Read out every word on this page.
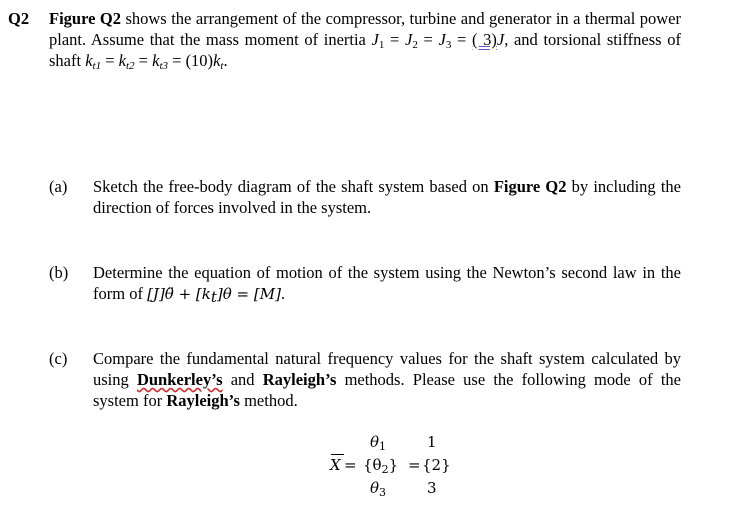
Q2 Figure Q2 shows the arrangement of the compressor, turbine and generator in a thermal power plant. Assume that the mass moment of inertia $J_1 = J_2 = J_3$ = ( 3)J, and torsional stiffness of shaft $k_{t1} = k_{t2} = k_{t3} = (10)k_t$.
(a) Sketch the free-body diagram of the shaft system based on Figure Q2 by including the direction of forces involved in the system.
(b) Determine the equation of motion of the system using the Newton’s second law in the form of [J]θ̈ + $[k_t]\theta = [M]$.
(c) Compare the fundamental natural frequency values for the shaft system calculated by using Dunkerley’s and Rayleigh’s methods. Please use the following mode of the system for Rayleigh’s method.
$\theta_1$	1
$X = \{\theta_2\} = \{2\}$
$\theta_3$	3
